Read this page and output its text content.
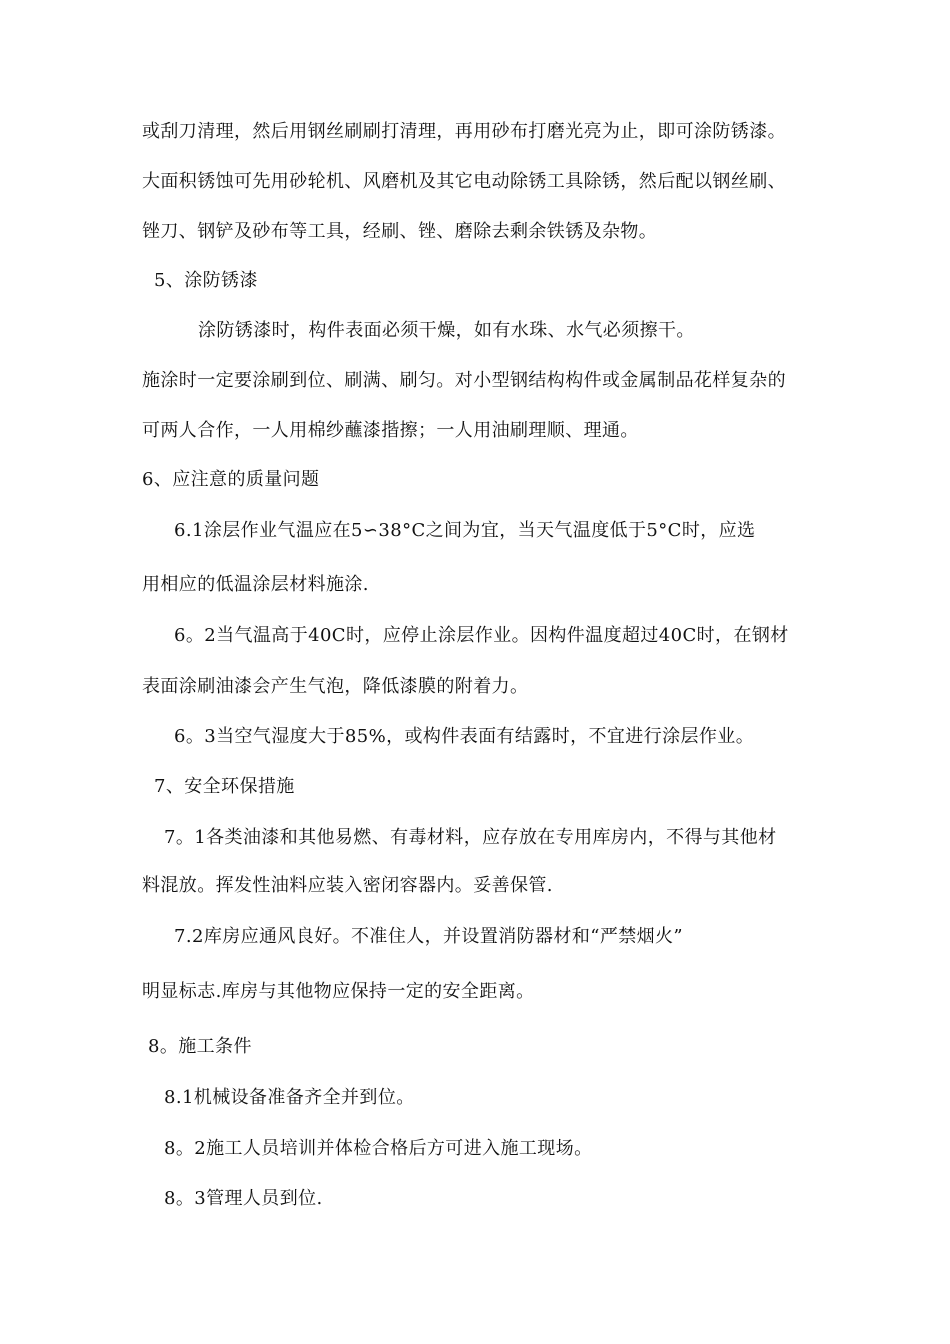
或刮刀清理，然后用钢丝刷刷打清理，再用砂布打磨光亮为止，即可涂防锈漆。

大面积锈蚀可先用砂轮机、风磨机及其它电动除锈工具除锈，然后配以钢丝刷、

锉刀、钢铲及砂布等工具，经刷、锉、磨除去剩余铁锈及杂物。

5、涂防锈漆

涂防锈漆时，构件表面必须干燥，如有水珠、水气必须擦干。

施涂时一定要涂刷到位、刷满、刷匀。对小型钢结构构件或金属制品花样复杂的

可两人合作，一人用棉纱蘸漆揩擦；一人用油刷理顺、理通。

6、应注意的质量问题

6.1涂层作业气温应在5∽38°C之间为宜，当天气温度低于5°C时，应选

用相应的低温涂层材料施涂.

6。2当气温高于40C时，应停止涂层作业。因构件温度超过40C时，在钢材

表面涂刷油漆会产生气泡，降低漆膜的附着力。

6。3当空气湿度大于85%，或构件表面有结露时，不宜进行涂层作业。

7、安全环保措施

7。1各类油漆和其他易燃、有毒材料，应存放在专用库房内，不得与其他材

料混放。挥发性油料应装入密闭容器内。妥善保管.

7.2库房应通风良好。不准住人，并设置消防器材和“严禁烟火”

明显标志.库房与其他物应保持一定的安全距离。

8。施工条件

8.1机械设备准备齐全并到位。

8。2施工人员培训并体检合格后方可进入施工现场。

8。3管理人员到位.
